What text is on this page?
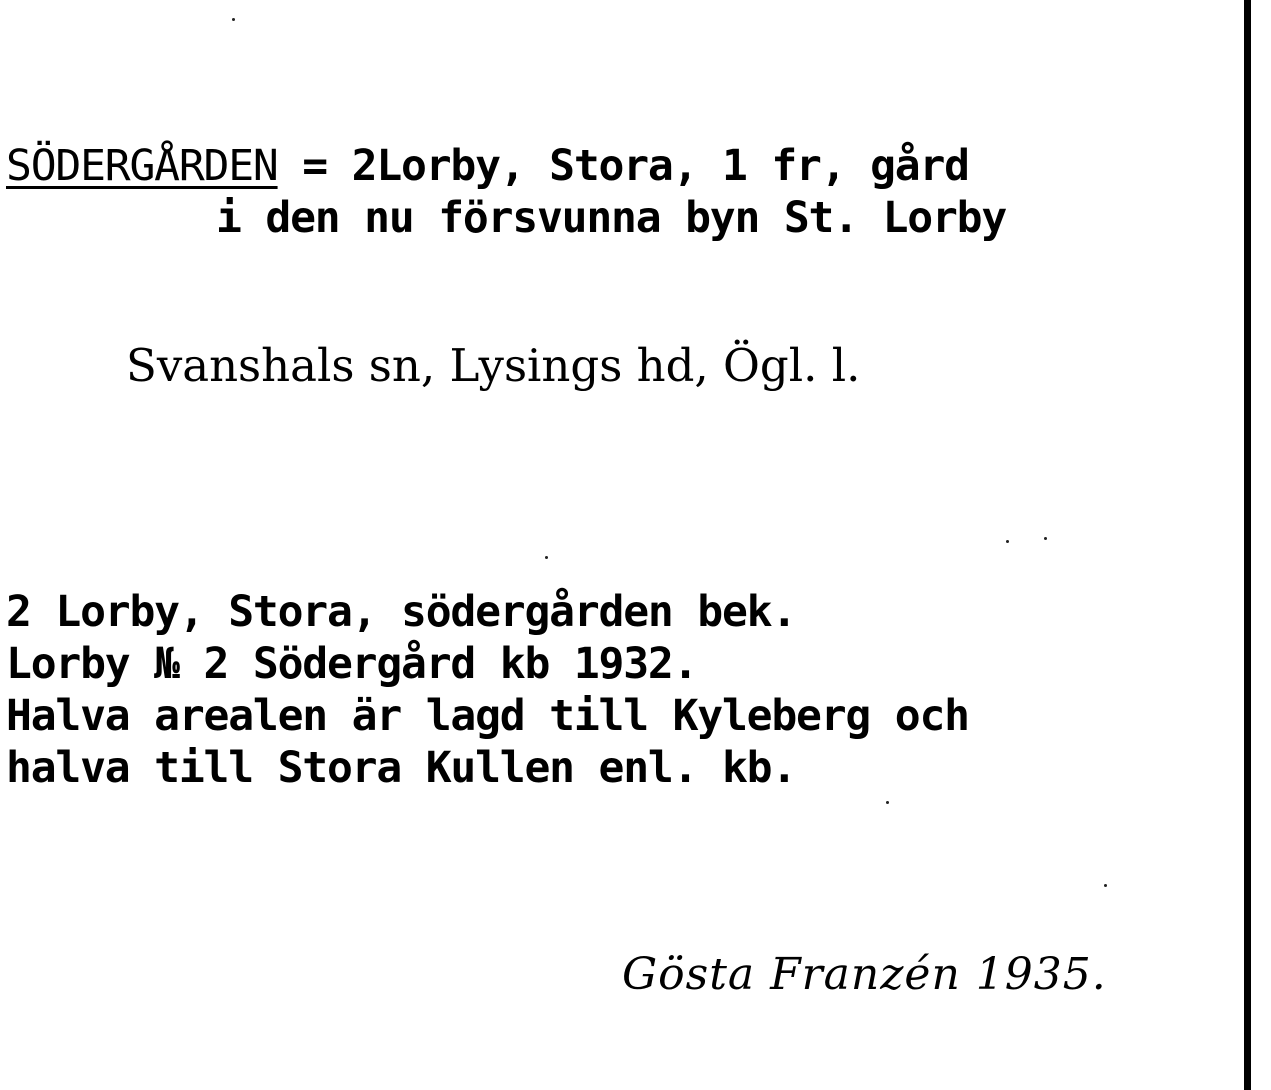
SÖDERGÅRDEN = 2Lorby, Stora, 1 fr, gård
i den nu försvunna byn St. Lorby
Svanshals sn, Lysings hd, Ögl. l.
2 Lorby, Stora, södergården bek.
Lorby № 2 Södergård kb 1932.
Halva arealen är lagd till Kyleberg och
halva till Stora Kullen enl. kb.
Gösta Franzén 1935.
